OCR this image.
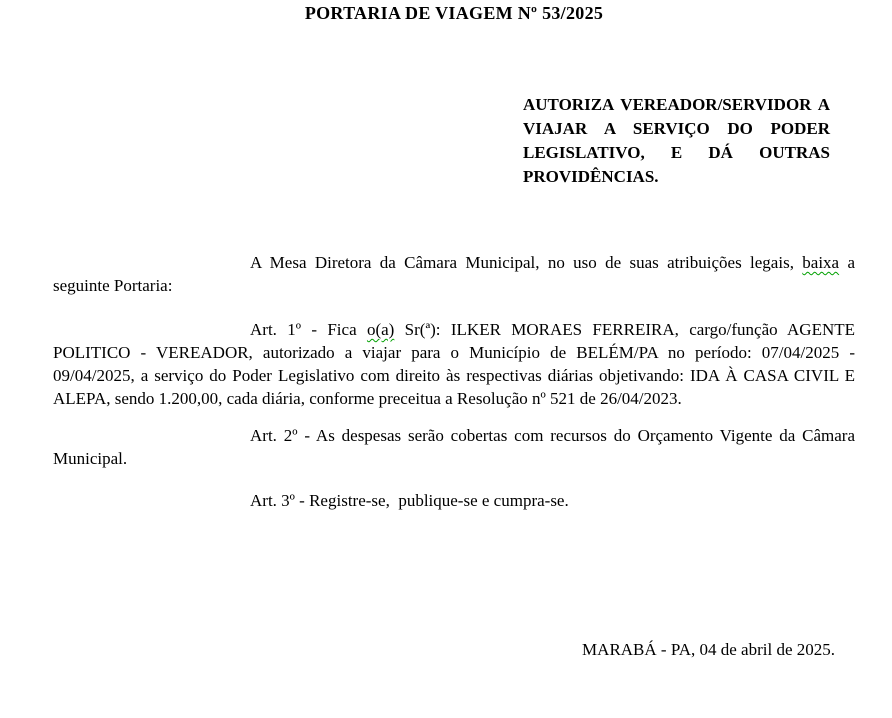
PORTARIA DE VIAGEM Nº 53/2025

AUTORIZA VEREADOR/SERVIDOR A VIAJAR A SERVIÇO DO PODER LEGISLATIVO, E DÁ OUTRAS PROVIDÊNCIAS.

A Mesa Diretora da Câmara Municipal, no uso de suas atribuições legais, baixa a seguinte Portaria:

Art. 1º - Fica o(a) Sr(ª): ILKER MORAES FERREIRA, cargo/função AGENTE POLITICO - VEREADOR, autorizado a viajar para o Município de BELÉM/PA no período: 07/04/2025 - 09/04/2025, a serviço do Poder Legislativo com direito às respectivas diárias objetivando: IDA À CASA CIVIL E ALEPA, sendo 1.200,00, cada diária, conforme preceitua a Resolução nº 521 de 26/04/2023.

Art. 2º - As despesas serão cobertas com recursos do Orçamento Vigente da Câmara Municipal.

Art. 3º - Registre-se,  publique-se e cumpra-se.

MARABÁ - PA, 04 de abril de 2025.
